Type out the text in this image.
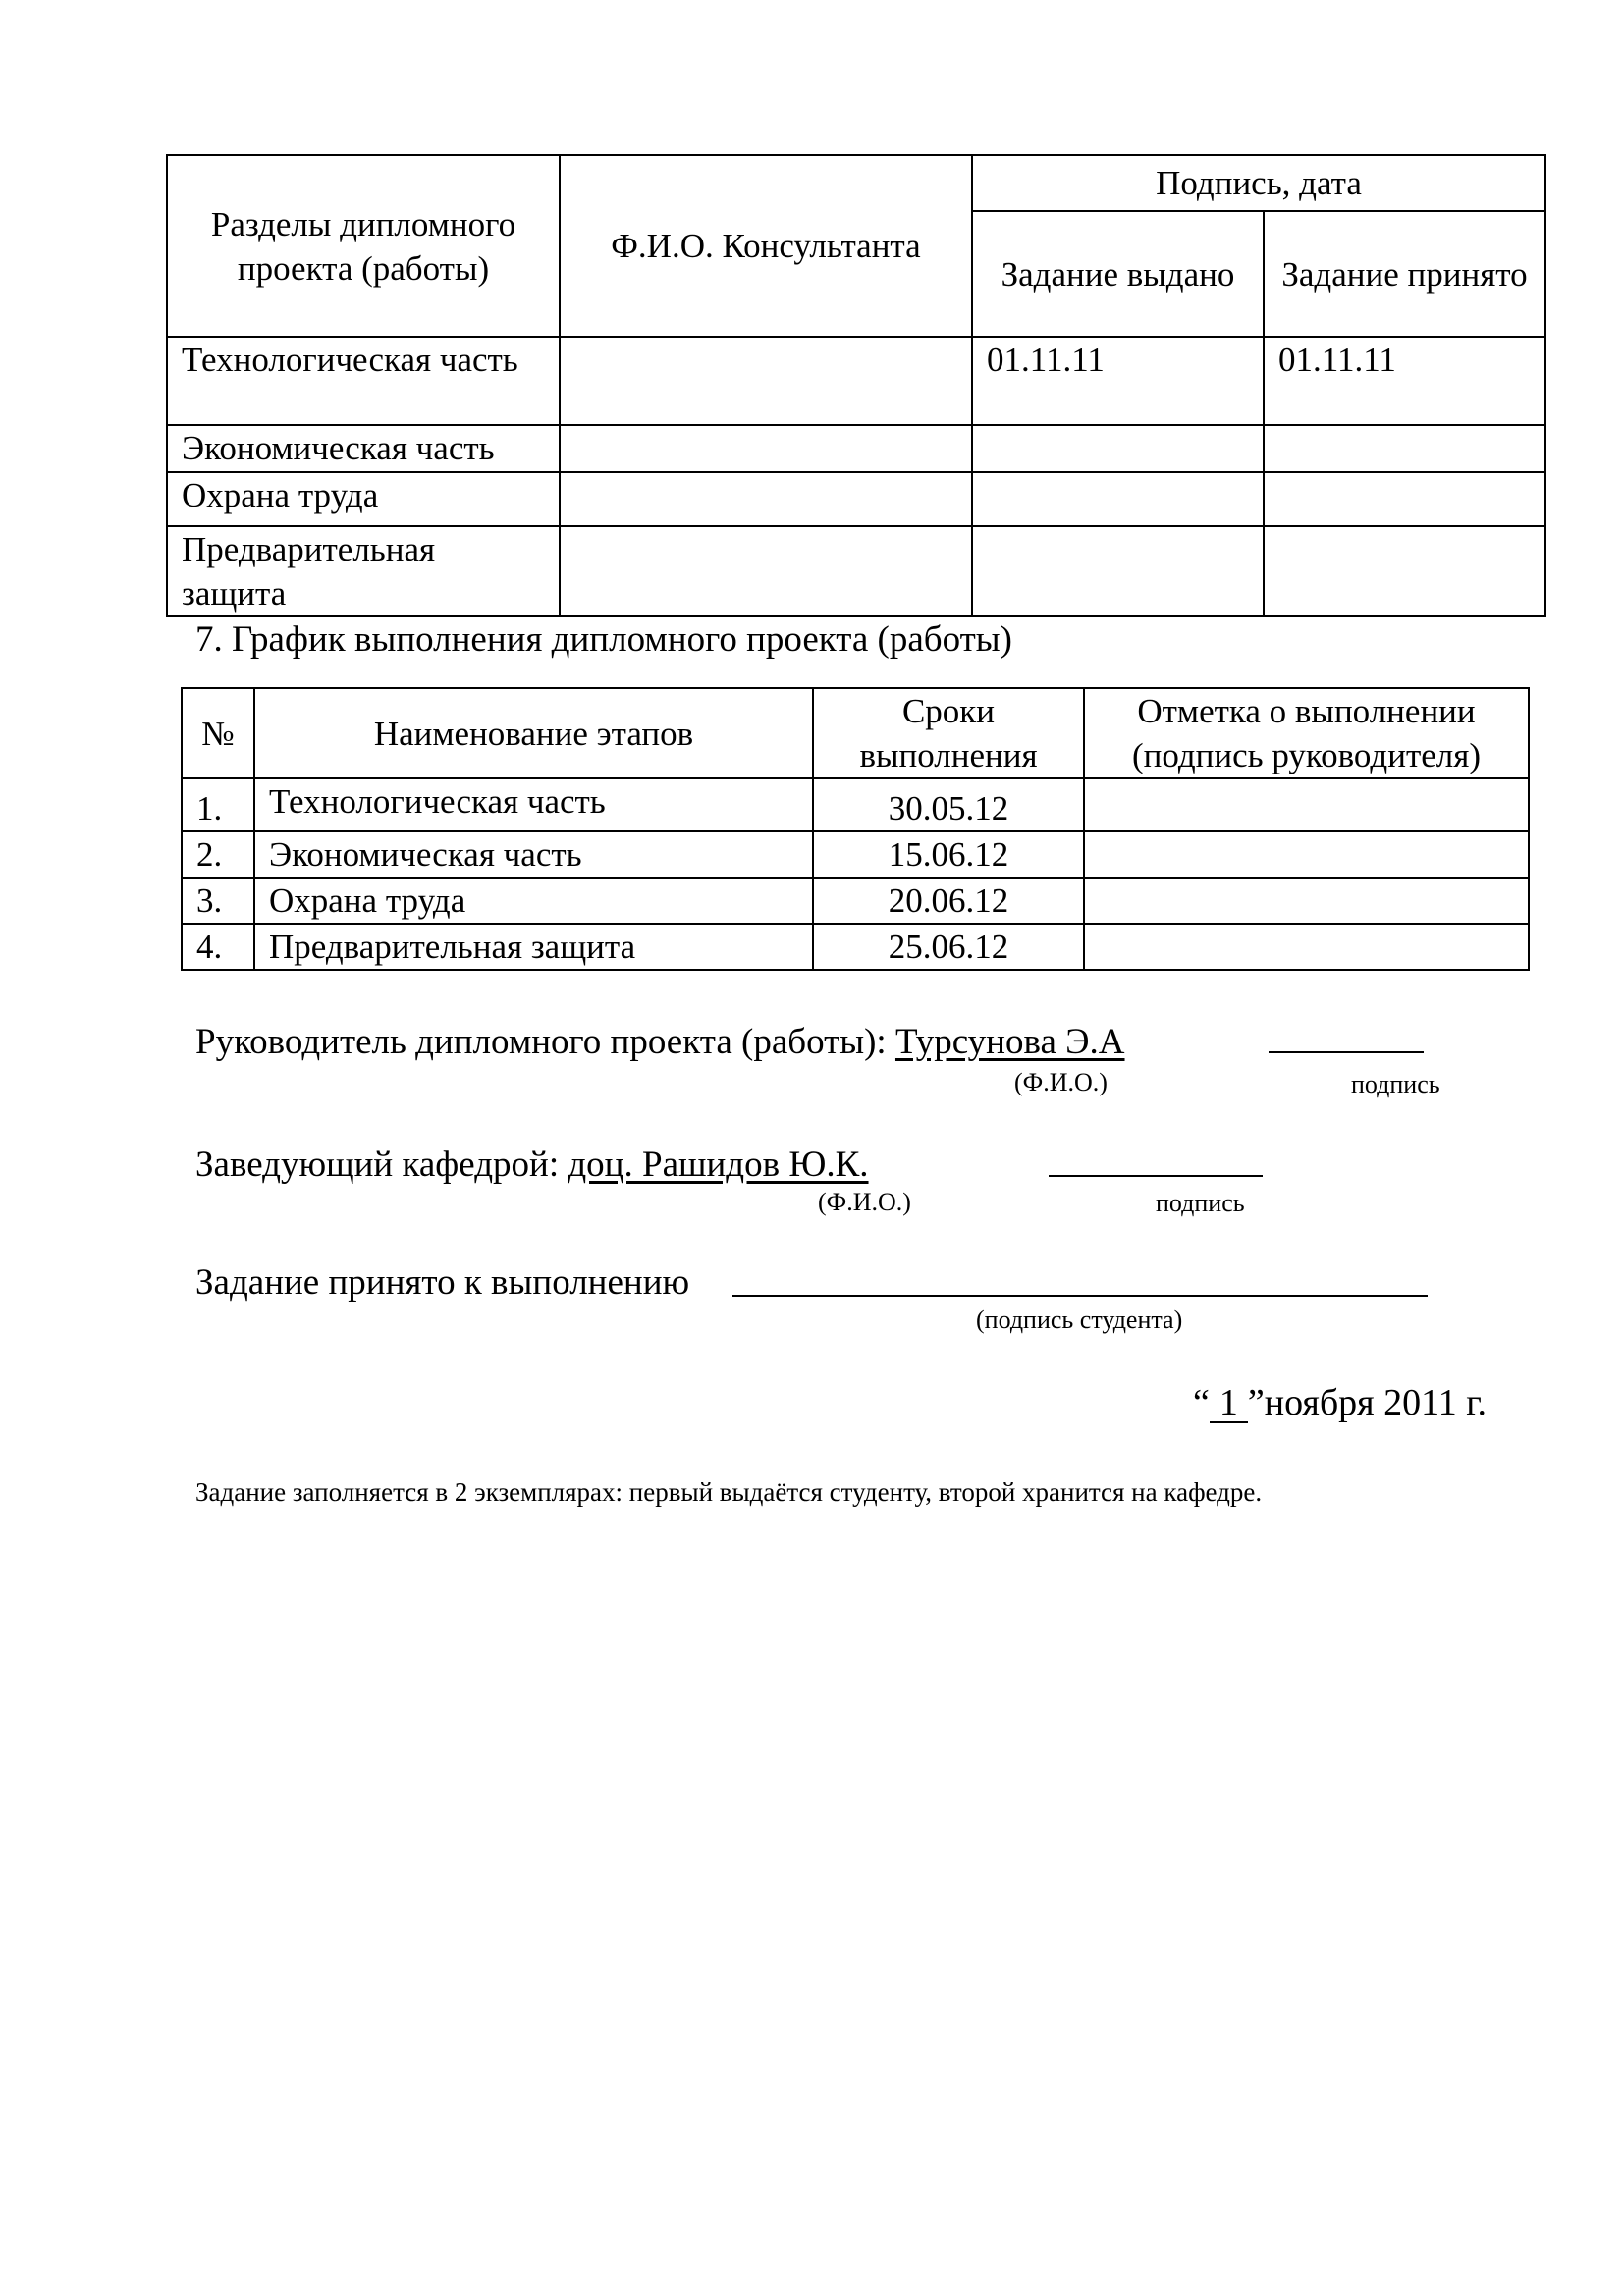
Разделы дипломного проекта (работы)	Ф.И.О. Консультанта	Подпись, дата	
		Задание выдано	Задание принято
Технологическая часть		01.11.11	01.11.11
Экономическая часть			
Охрана труда			
Предварительная защита			
7. График выполнения дипломного проекта (работы)
№	Наименование этапов	Сроки выполнения	Отметка о выполнении (подпись руководителя)
1.	Технологическая часть	30.05.12	
2.	Экономическая часть	15.06.12	
3.	Охрана труда	20.06.12	
4.	Предварительная защита	25.06.12	
Руководитель дипломного проекта (работы): Турсунова Э.А
(Ф.И.О.)	подпись
Заведующий кафедрой: доц. Рашидов Ю.К.
(Ф.И.О.)	подпись
Задание принято к выполнению
(подпись студента)
“ 1 ”ноября 2011 г.
Задание заполняется в 2 экземплярах: первый выдаётся студенту, второй хранится на кафедре.
